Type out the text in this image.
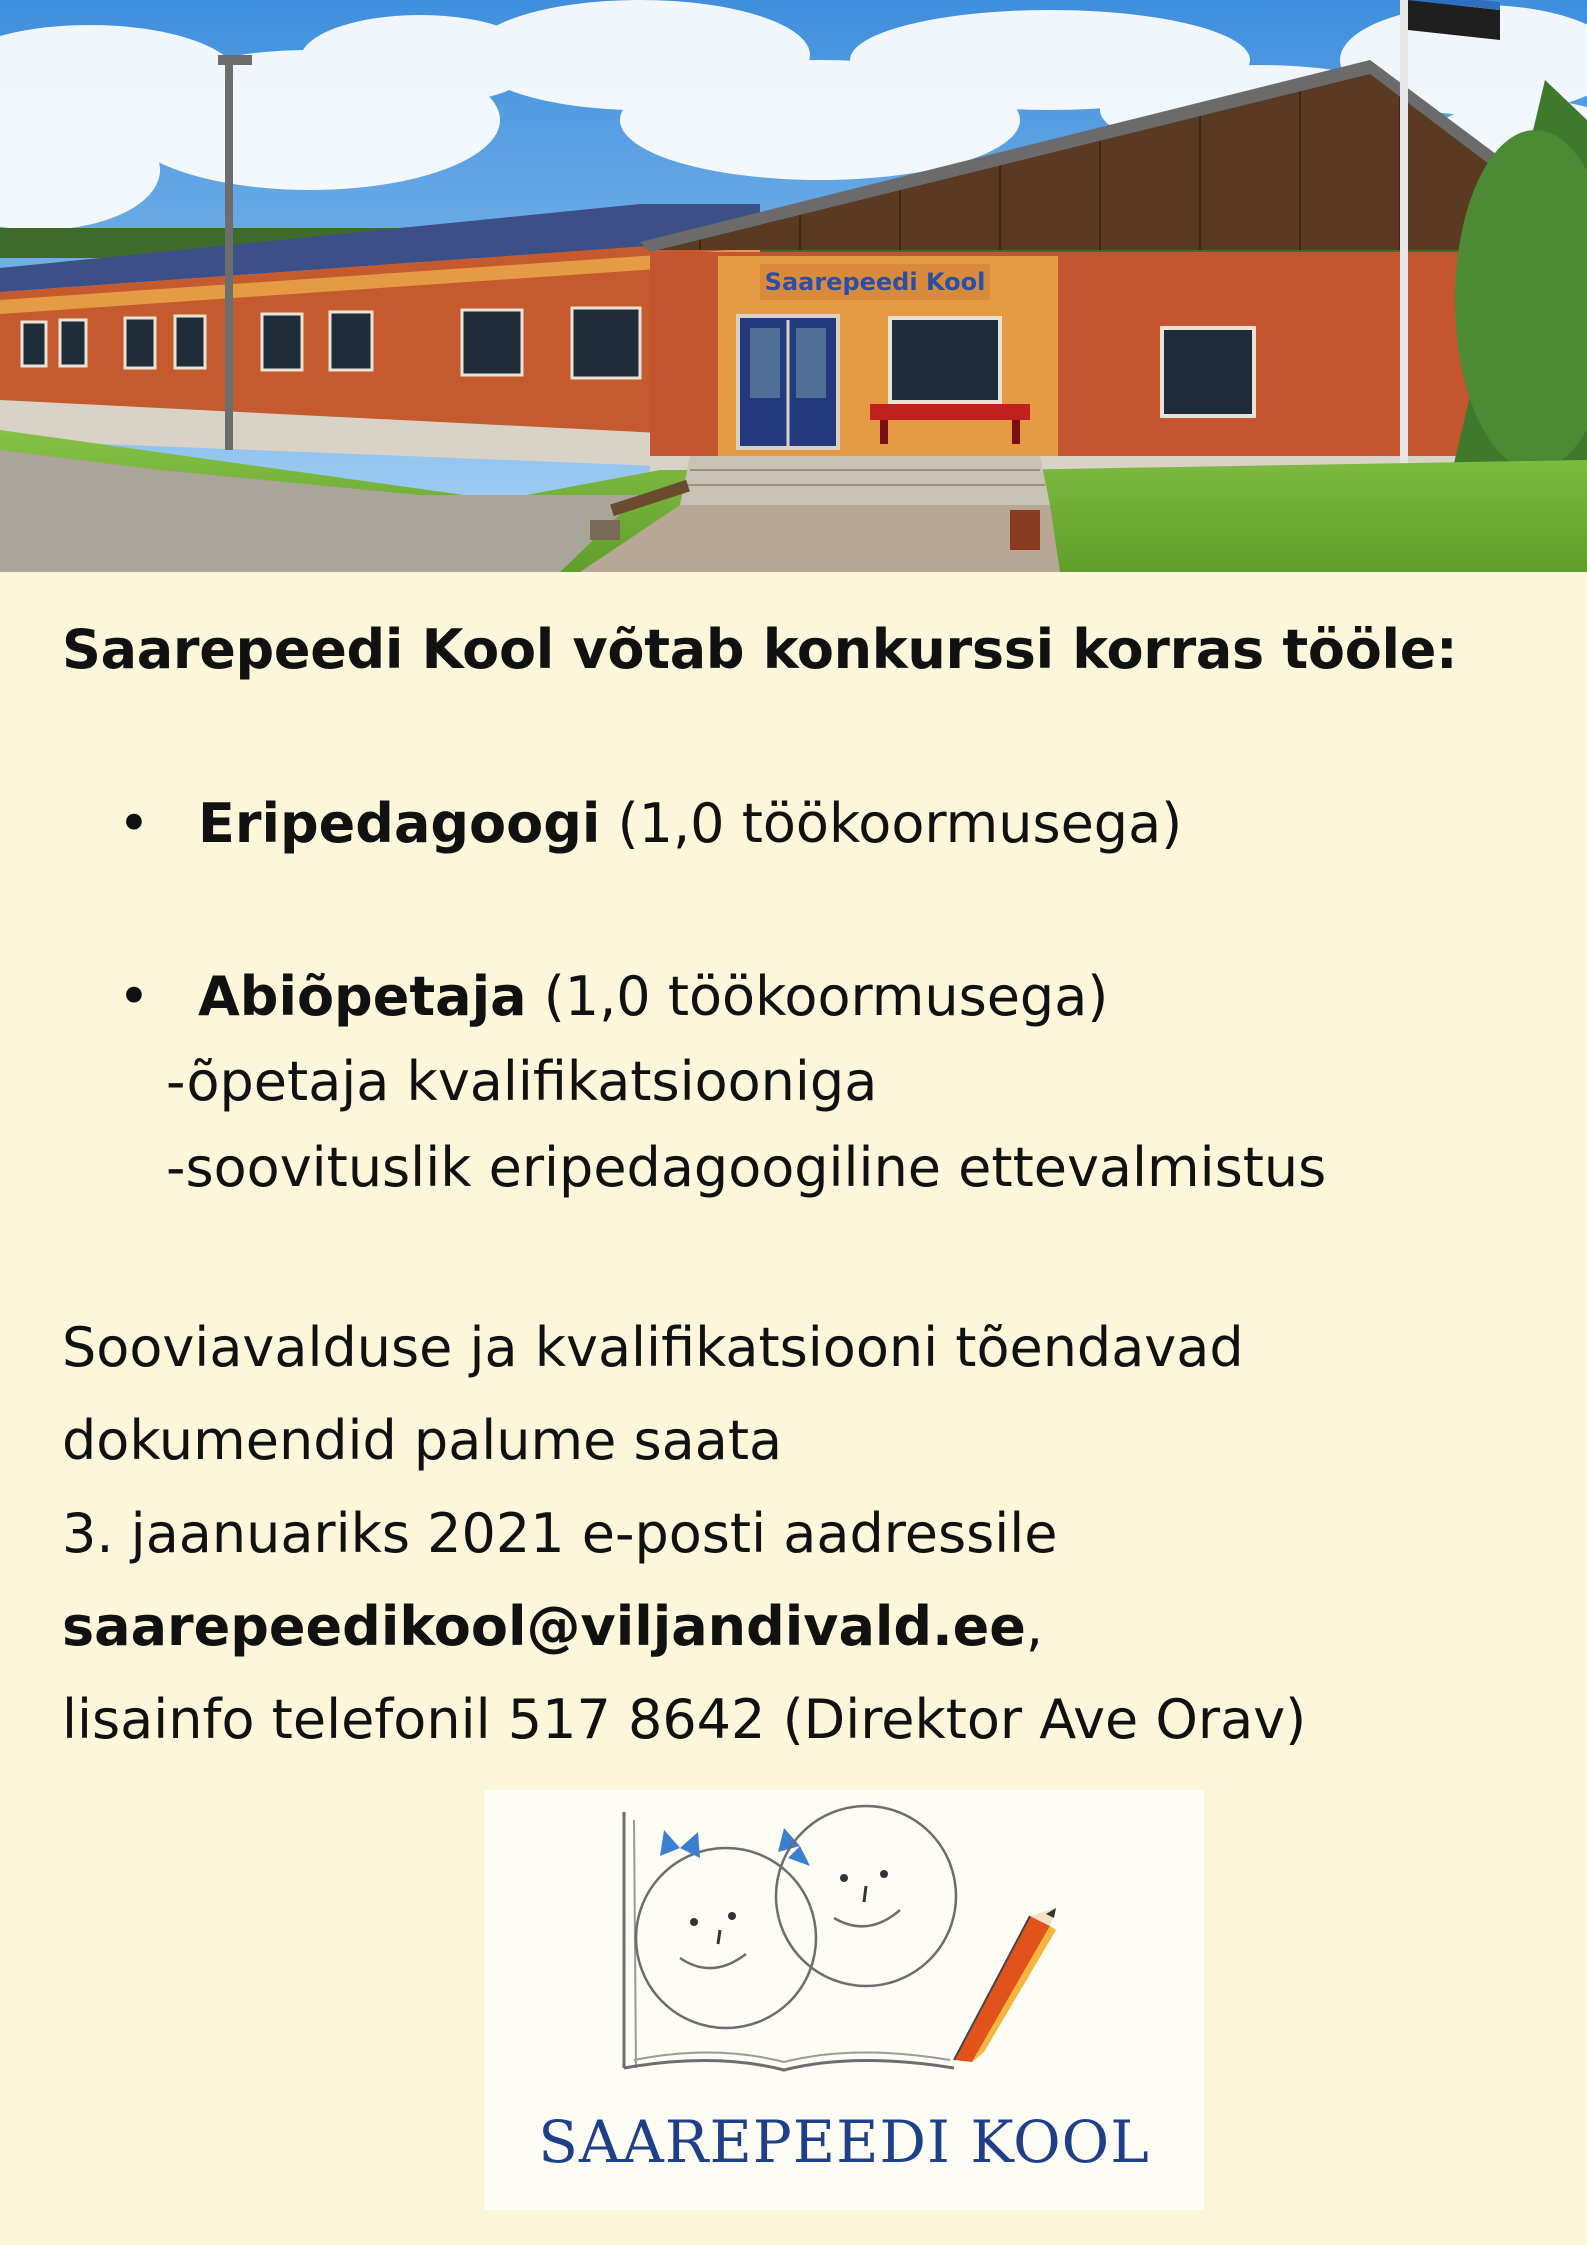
Saarepeedi Kool
Saarepeedi Kool võtab konkurssi korras tööle:
• Eripedagoogi (1,0 töökoormusega)
• Abiõpetaja (1,0 töökoormusega)
-õpetaja kvalifikatsiooniga
-soovituslik eripedagoogiline ettevalmistus
Sooviavalduse ja kvalifikatsiooni tõendavad
dokumendid palume saata
3. jaanuariks 2021 e-posti aadressile
saarepeedikool@viljandivald.ee,
lisainfo telefonil 517 8642 (Direktor Ave Orav)
SAAREPEEDI KOOL
